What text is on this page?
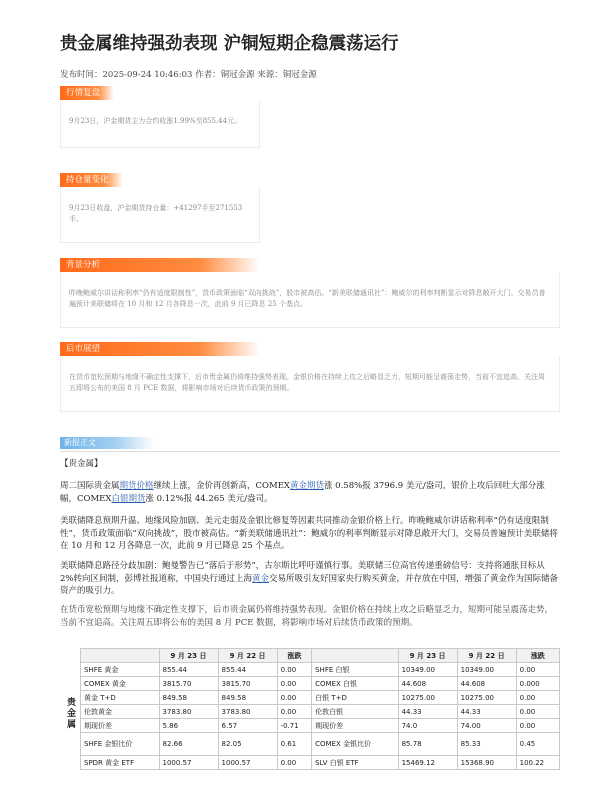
贵金属维持强劲表现 沪铜短期企稳震荡运行
发布时间：2025-09-24 10:46:03 作者：铜冠金源 来源：铜冠金源
行情复盘
9月23日，沪金期货主力合约收涨1.99%至855.44元。
持仓量变化
9月23日收盘，沪金期货持仓量：+41297手至271553手。
背景分析
昨晚鲍威尔讲话称利率“仍有适度限制性”，货币政策面临“双向挑战”，股市被高估。“新美联储通讯社”：鲍威尔的利率判断显示对降息敞开大门。交易员普遍预计美联储将在 10 月和 12 月各降息一次，此前 9 月已降息 25 个基点。
后市展望
在货币宽松预期与地缘不确定性支撑下，后市贵金属仍将维持强势表现。金银价格在持续上攻之后略显乏力，短期可能呈震荡走势，当前不宜追高。关注周五即将公布的美国 8 月 PCE 数据，将影响市场对后续货币政策的预期。
新报正文
【贵金属】
周二国际贵金属期货价格继续上涨，金价再创新高，COMEX黄金期货涨 0.58%报 3796.9 美元/盎司，银价上攻后回吐大部分涨幅，COMEX白银期货涨 0.12%报 44.265 美元/盎司。
美联储降息预期升温、地缘风险加剧、美元走弱及金银比修复等因素共同推动金银价格上行。昨晚鲍威尔讲话称利率“仍有适度限制性”，货币政策面临“双向挑战”，股市被高估。“新美联储通讯社”：鲍威尔的利率判断显示对降息敞开大门，交易员普遍预计美联储将在 10 月和 12 月各降息一次，此前 9 月已降息 25 个基点。
美联储降息路径分歧加剧：鲍曼警告已“落后于形势”，古尔斯比呼吁谨慎行事。美联储三位高官传递重磅信号：支持将通胀目标从 2%转向区间制，彭博社报道称，中国央行通过上海黄金交易所吸引友好国家央行购买黄金，并存放在中国，增强了黄金作为国际储备资产的吸引力。
在货币宽松预期与地缘不确定性支撑下，后市贵金属仍将维持强势表现。金银价格在持续上攻之后略显乏力，短期可能呈震荡走势，当前不宜追高。关注周五即将公布的美国 8 月 PCE 数据，将影响市场对后续货币政策的预期。
		9 月 23 日	9 月 22 日	涨跌		9 月 23 日	9 月 22 日	涨跌
贵金属	SHFE 黄金	855.44	855.44	0.00	SHFE 白银	10349.00	10349.00	0.00
	COMEX 黄金	3815.70	3815.70	0.00	COMEX 白银	44.608	44.608	0.000
	黄金 T+D	849.58	849.58	0.00	白银 T+D	10275.00	10275.00	0.00
	伦敦黄金	3783.80	3783.80	0.00	伦敦白银	44.33	44.33	0.00
	期现价差	5.86	6.57	-0.71	期现价差	74.0	74.00	0.00
	SHFE 金银比价	82.66	82.05	0.61	COMEX 金银比价	85.78	85.33	0.45
	SPDR 黄金 ETF	1000.57	1000.57	0.00	SLV 白银 ETF	15469.12	15368.90	100.22
